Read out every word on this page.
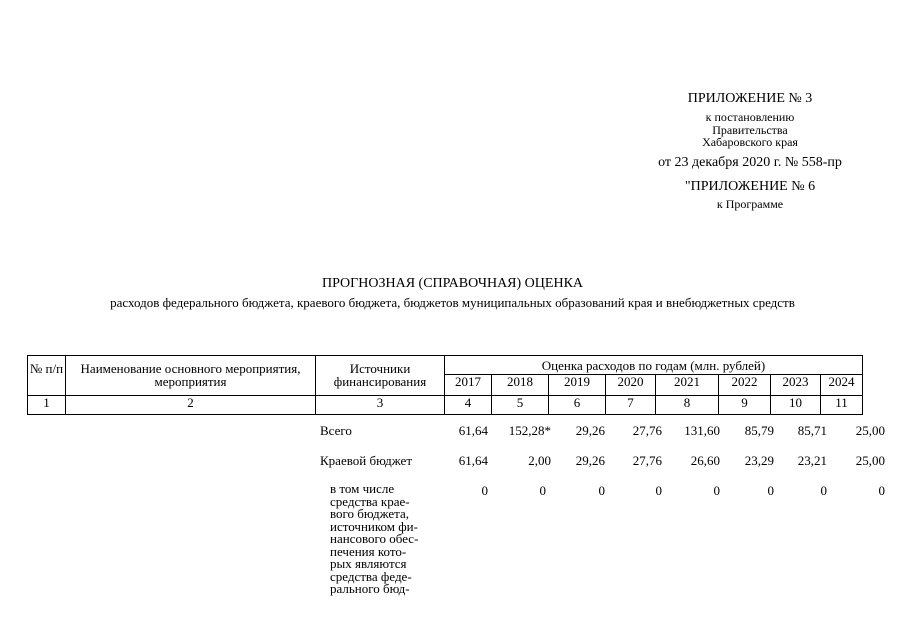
ПРИЛОЖЕНИЕ № 3
к постановлению
Правительства
Хабаровского края
от 23 декабря 2020 г. № 558-пр
"ПРИЛОЖЕНИЕ № 6
к Программе
ПРОГНОЗНАЯ (СПРАВОЧНАЯ) ОЦЕНКА
расходов федерального бюджета, краевого бюджета, бюджетов муниципальных образований края и внебюджетных средств
№ п/п	Наименование основного мероприятия, мероприятия	Источники финансирования	Оценка расходов по годам (млн. рублей)							
			2017	2018	2019	2020	2021	2022	2023	2024
1	2	3	4	5	6	7	8	9	10	11
Всего	61,64	152,28*	29,26	27,76	131,60	85,79	85,71	25,00
Краевой бюджет	61,64	2,00	29,26	27,76	26,60	23,29	23,21	25,00
в том числе
средства крае-
вого бюджета,
источником фи-
нансового обес-
печения кото-
рых являются
средства феде-
рального бюд-
0	0	0	0	0	0	0	0
